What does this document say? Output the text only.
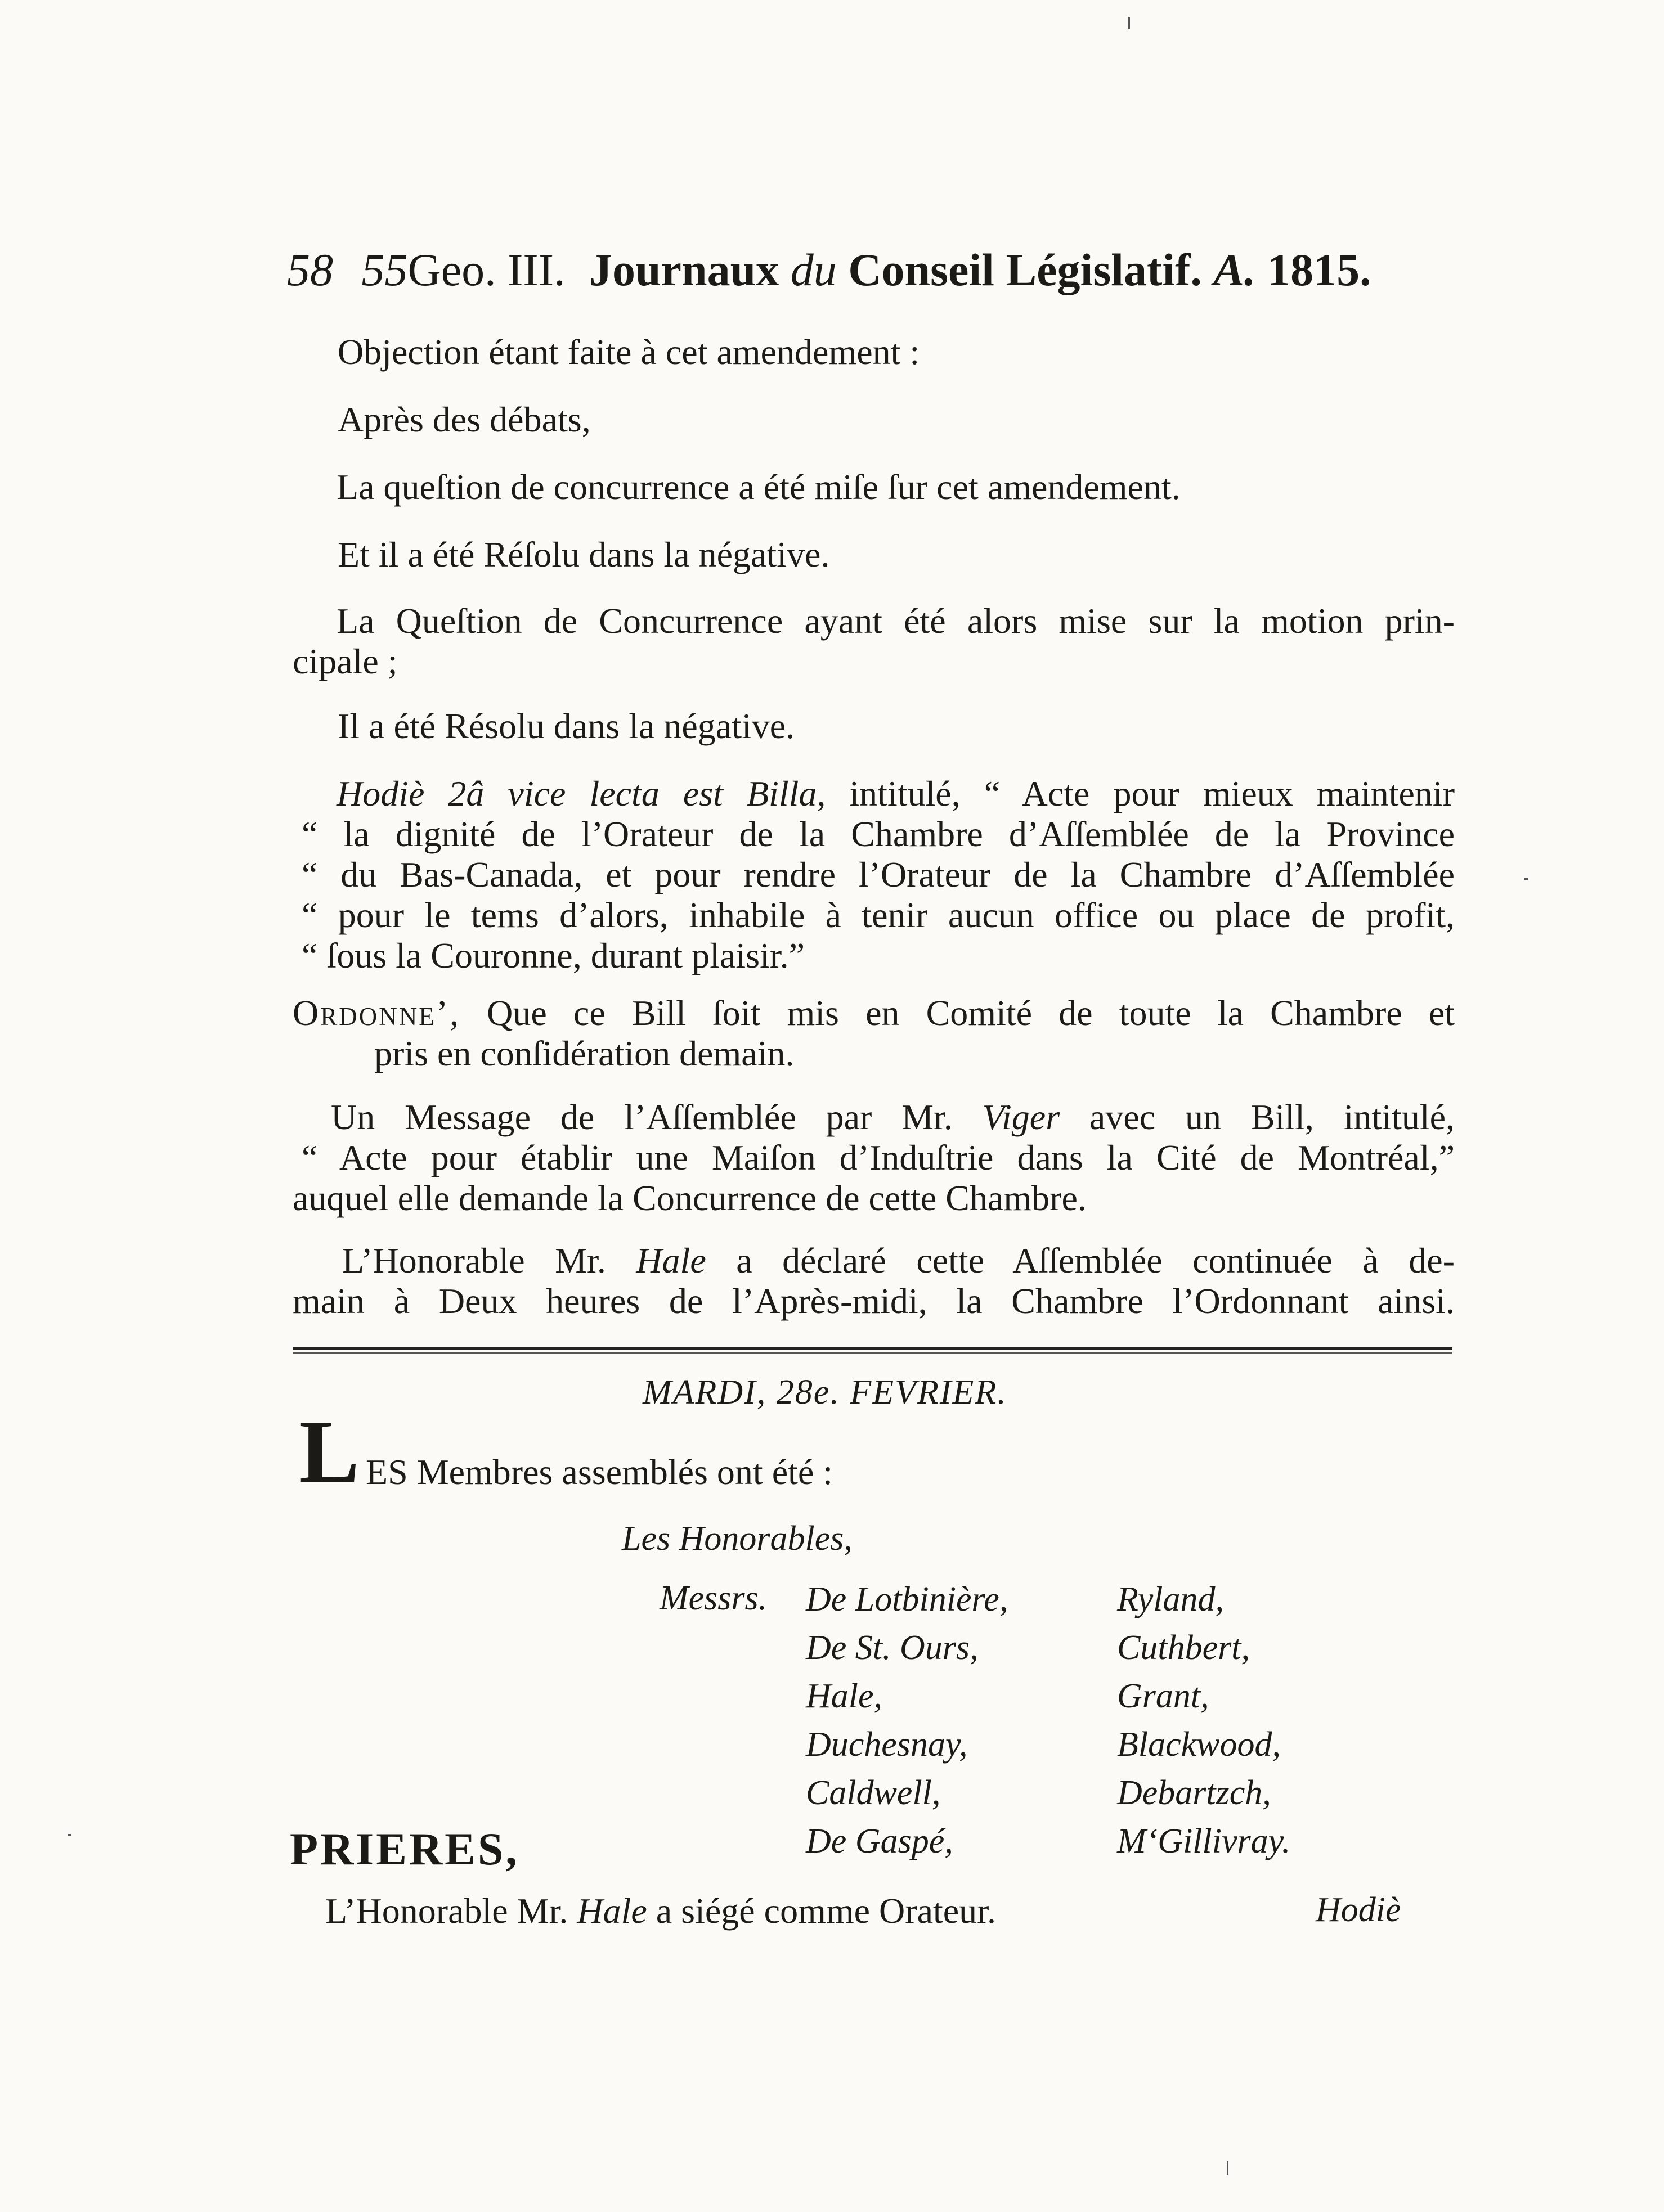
58 55Geo. III. Journaux du Conseil Législatif. A. 1815.
Objection étant faite à cet amendement :
Après des débats,
La queſtion de concurrence a été miſe ſur cet amendement.
Et il a été Réſolu dans la négative.
La Queſtion de Concurrence ayant été alors mise sur la motion prin-
cipale ;
Il a été Résolu dans la négative.
Hodiè 2â vice lecta est Billa, intitulé, “ Acte pour mieux maintenir
“ la dignité de l’Orateur de la Chambre d’Aſſemblée de la Province
“ du Bas-Canada, et pour rendre l’Orateur de la Chambre d’Aſſemblée
“ pour le tems d’alors, inhabile à tenir aucun office ou place de profit,
“ ſous la Couronne, durant plaisir.”
Ordonne’, Que ce Bill ſoit mis en Comité de toute la Chambre et
pris en conſidération demain.
Un Message de l’Aſſemblée par Mr. Viger avec un Bill, intitulé,
“ Acte pour établir une Maiſon d’Induſtrie dans la Cité de Montréal,”
auquel elle demande la Concurrence de cette Chambre.
L’Honorable Mr. Hale a déclaré cette Aſſemblée continuée à de-
main à Deux heures de l’Après-midi, la Chambre l’Ordonnant ainsi.
MARDI, 28e. FEVRIER.
L ES Membres assemblés ont été :
Les Honorables,
Messrs. De Lotbinière,
De St. Ours,
Hale,
Duchesnay,
Caldwell,
De Gaspé,
Ryland,
Cuthbert,
Grant,
Blackwood,
Debartzch,
M‘Gillivray.
PRIERES,
L’Honorable Mr. Hale a siégé comme Orateur.	Hodiè
